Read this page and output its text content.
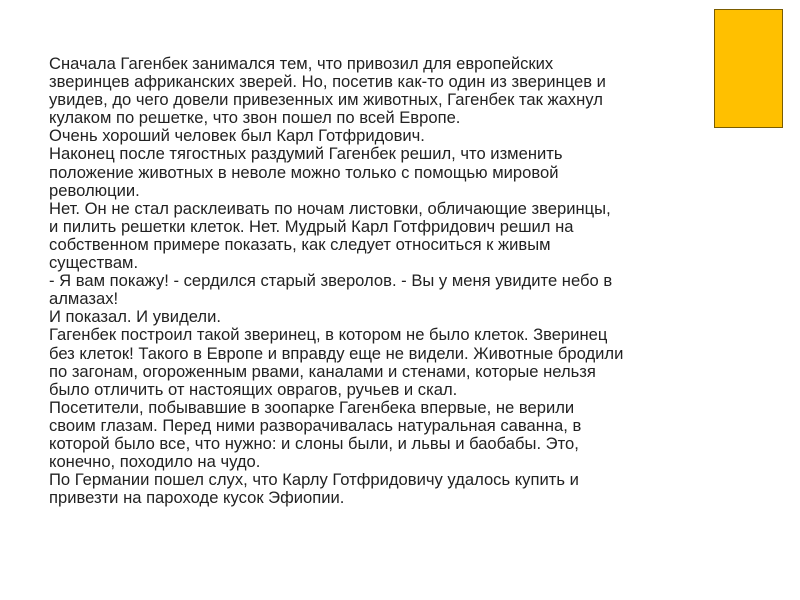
Сначала Гагенбек занимался тем, что привозил для европейских
зверинцев африканских зверей. Но, посетив как-то один из зверинцев и
увидев, до чего довели привезенных им животных, Гагенбек так жахнул
кулаком по решетке, что звон пошел по всей Европе.
Очень хороший человек был Карл Готфридович.
Наконец после тягостных раздумий Гагенбек решил, что изменить
положение животных в неволе можно только с помощью мировой
революции.
Нет. Он не стал расклеивать по ночам листовки, обличающие зверинцы,
и пилить решетки клеток. Нет. Мудрый Карл Готфридович решил на
собственном примере показать, как следует относиться к живым
существам.
- Я вам покажу! - сердился старый зверолов. - Вы у меня увидите небо в
алмазах!
И показал. И увидели.
Гагенбек построил такой зверинец, в котором не было клеток. Зверинец
без клеток! Такого в Европе и вправду еще не видели. Животные бродили
по загонам, огороженным рвами, каналами и стенами, которые нельзя
было отличить от настоящих оврагов, ручьев и скал.
Посетители, побывавшие в зоопарке Гагенбека впервые, не верили
своим глазам. Перед ними разворачивалась натуральная саванна, в
которой было все, что нужно: и слоны были, и львы и баобабы. Это,
конечно, походило на чудо.
По Германии пошел слух, что Карлу Готфридовичу удалось купить и
привезти на пароходе кусок Эфиопии.
